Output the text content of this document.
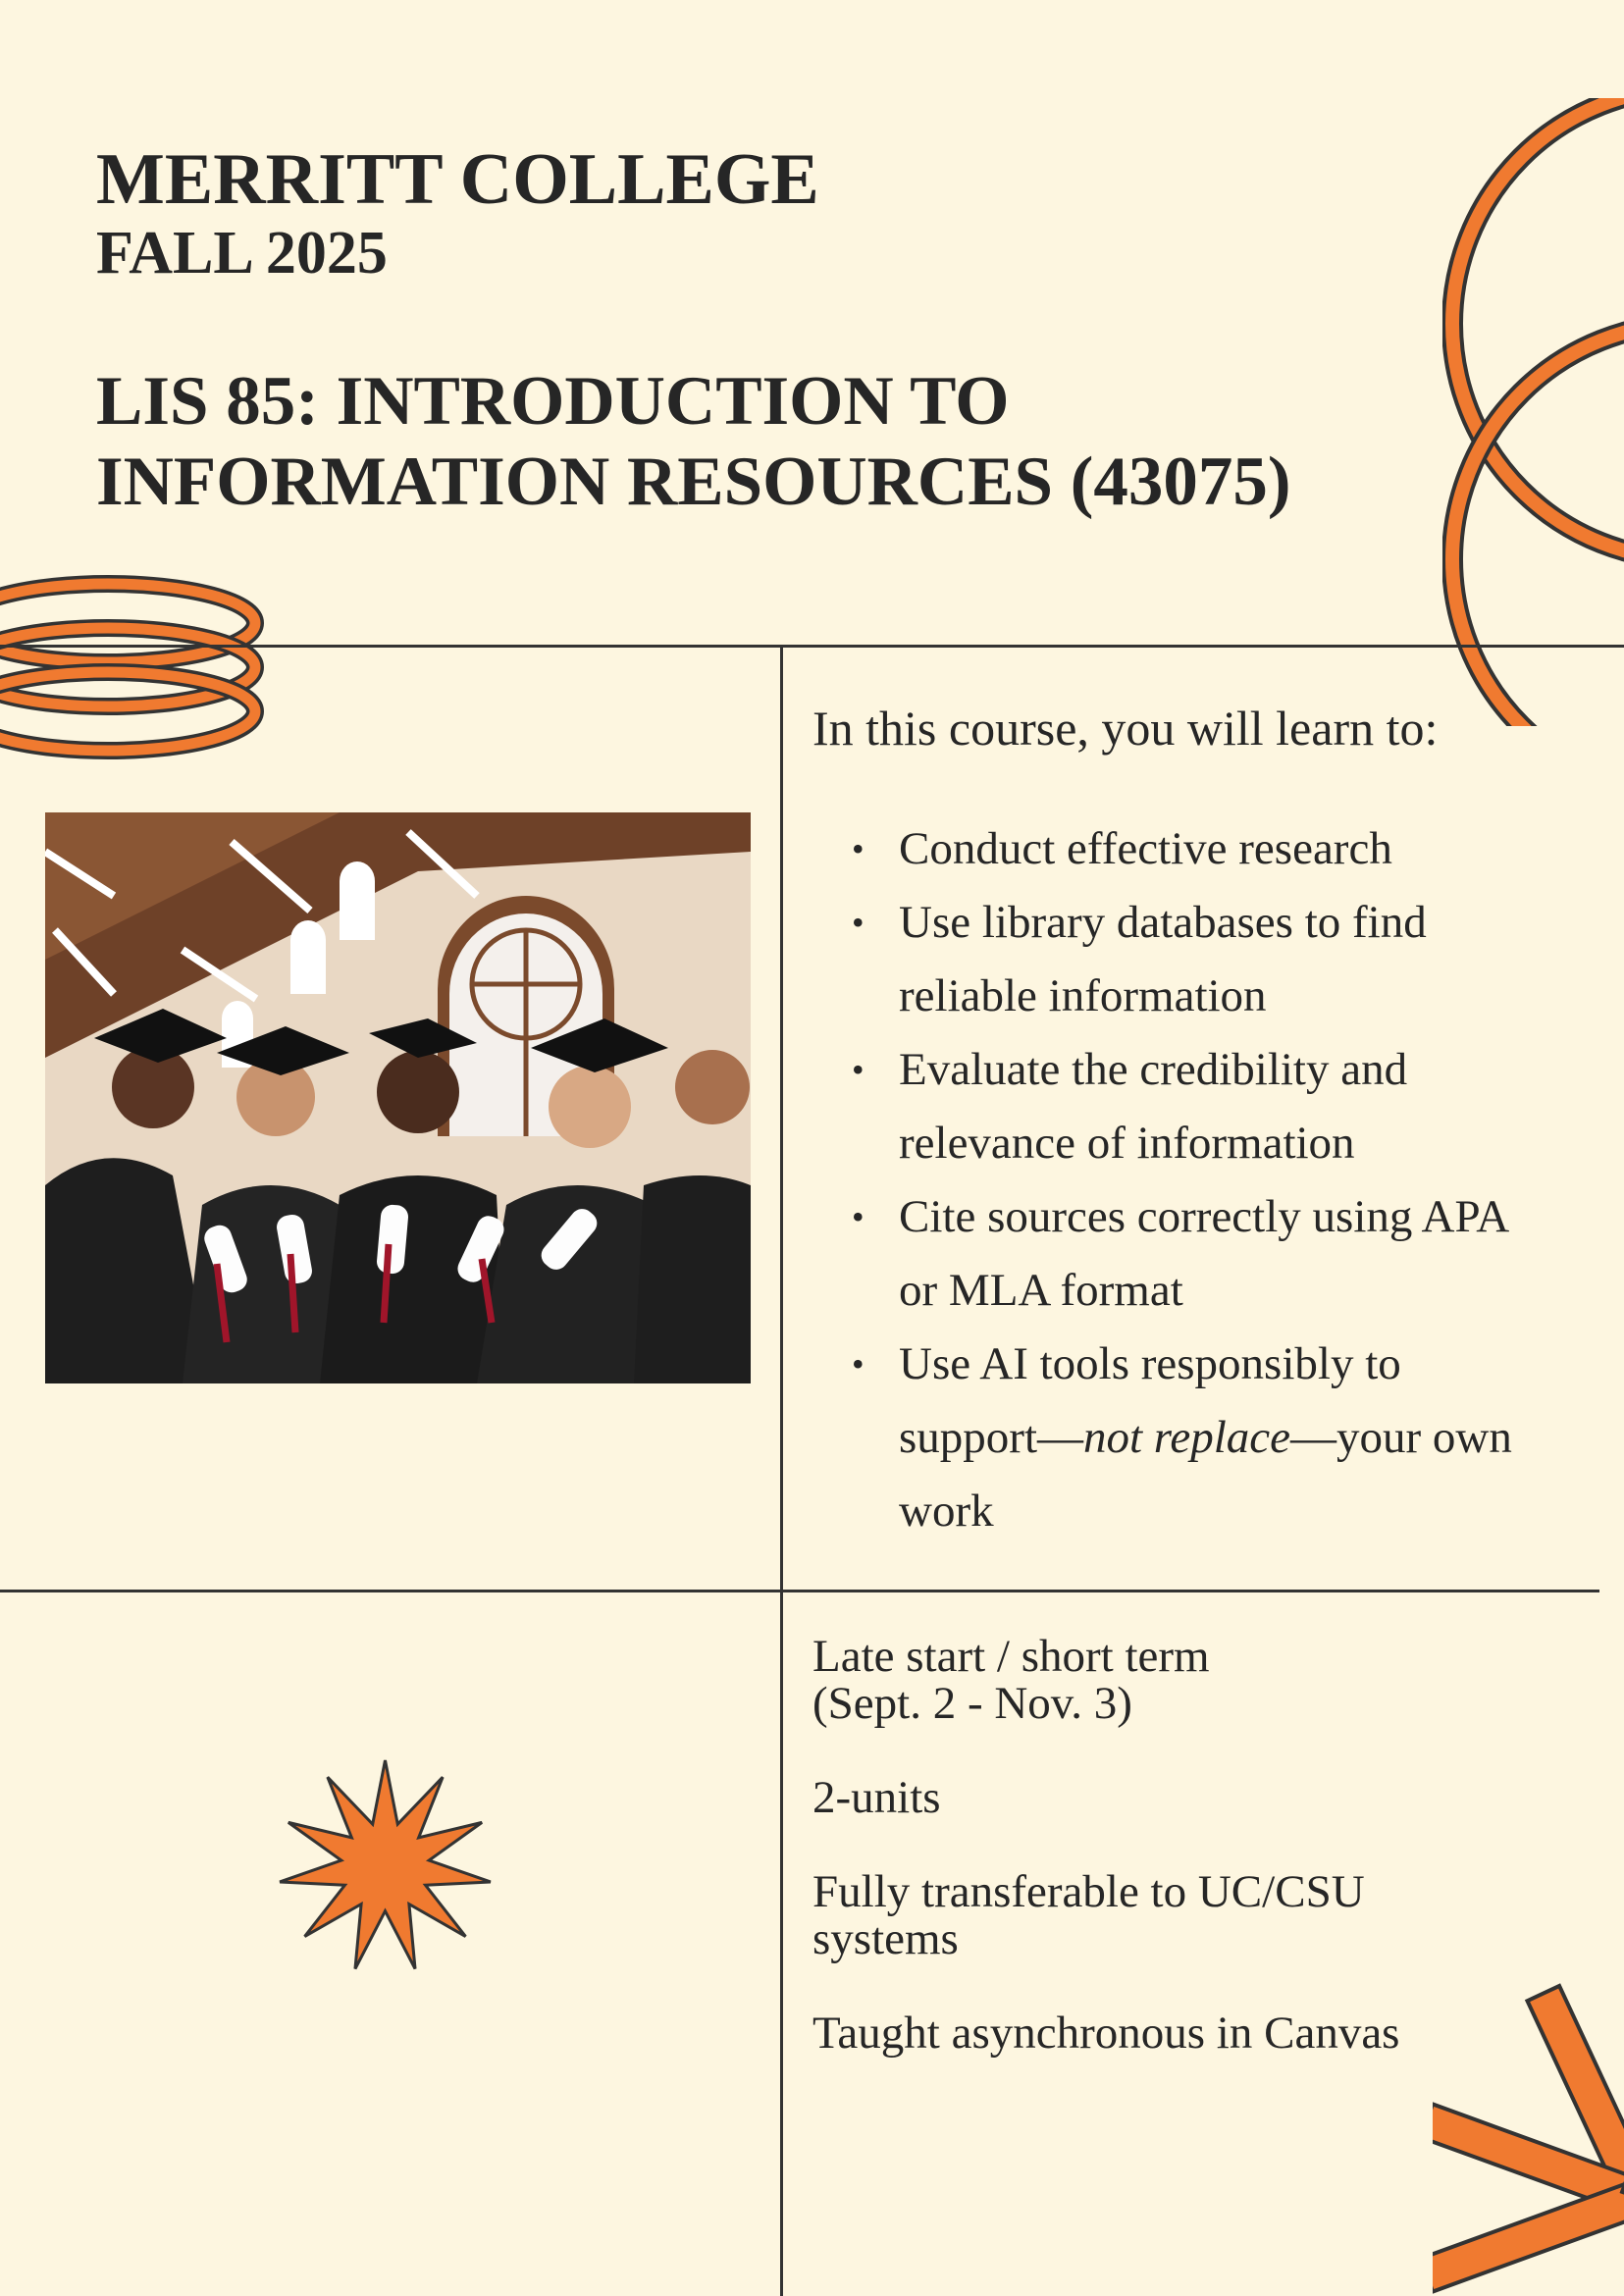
MERRITT COLLEGE
FALL 2025
LIS 85: INTRODUCTION TO INFORMATION RESOURCES (43075)

In this course, you will learn to:

• Conduct effective research
• Use library databases to find reliable information
• Evaluate the credibility and relevance of information
• Cite sources correctly using APA or MLA format
• Use AI tools responsibly to support—not replace—your own work

Late start / short term
(Sept. 2 - Nov. 3)

2-units

Fully transferable to UC/CSU
systems

Taught asynchronous in Canvas
